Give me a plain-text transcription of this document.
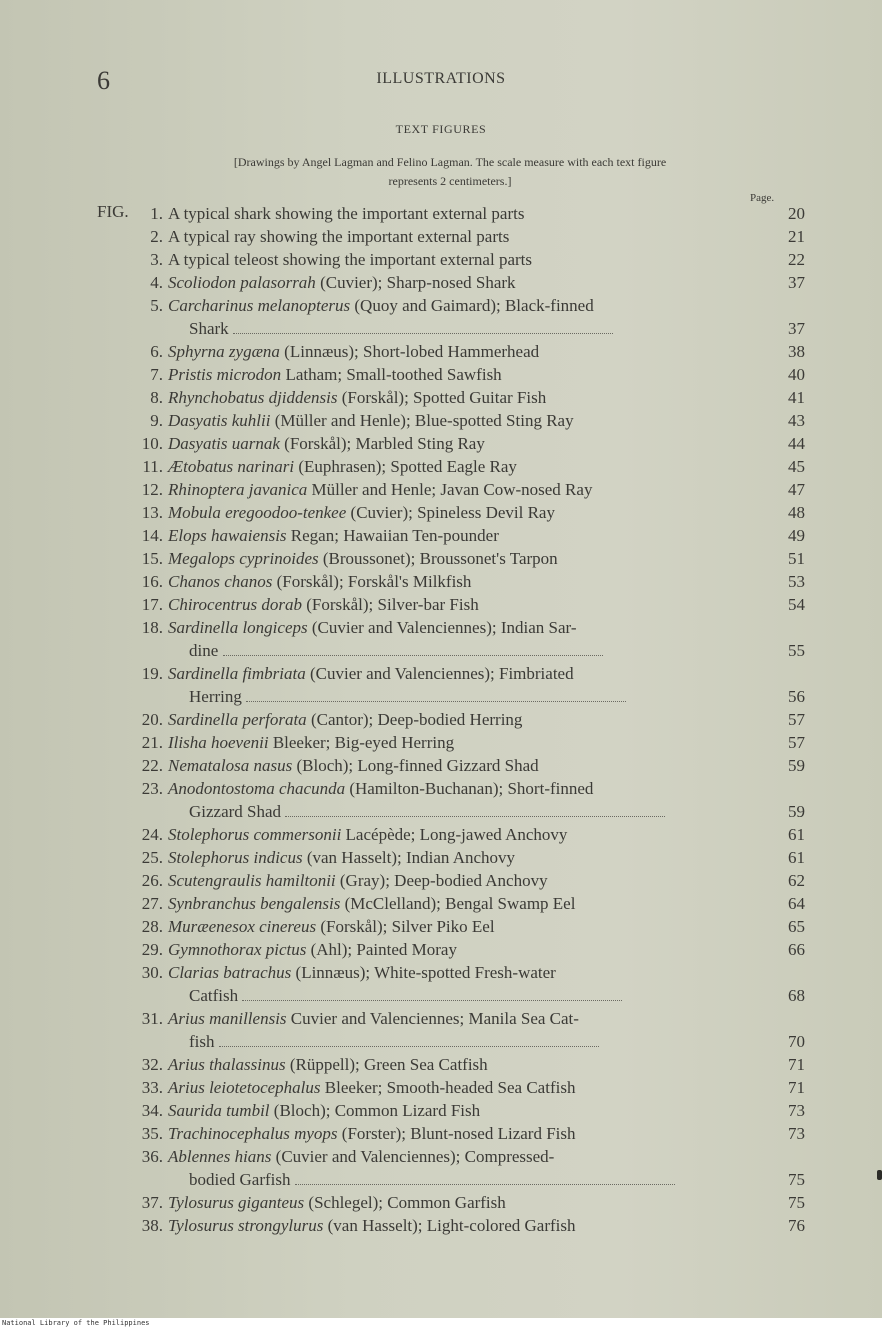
6	ILLUSTRATIONS
TEXT FIGURES
[Drawings by Angel Lagman and Felino Lagman. The scale measure with each text figure
represents 2 centimeters.]
Page.
FIG.	1. A typical shark showing the important external parts	20
2. A typical ray showing the important external parts	21
3. A typical teleost showing the important external parts	22
4. Scoliodon palasorrah (Cuvier); Sharp-nosed Shark	37
5. Carcharinus melanopterus (Quoy and Gaimard); Black-finned
Shark	37
6. Sphyrna zygæna (Linnæus); Short-lobed Hammerhead	38
7. Pristis microdon Latham; Small-toothed Sawfish	40
8. Rhynchobatus djiddensis (Forskål); Spotted Guitar Fish	41
9. Dasyatis kuhlii (Müller and Henle); Blue-spotted Sting Ray	43
10. Dasyatis uarnak (Forskål); Marbled Sting Ray	44
11. Ætobatus narinari (Euphrasen); Spotted Eagle Ray	45
12. Rhinoptera javanica Müller and Henle; Javan Cow-nosed Ray	47
13. Mobula eregoodoo-tenkee (Cuvier); Spineless Devil Ray	48
14. Elops hawaiensis Regan; Hawaiian Ten-pounder	49
15. Megalops cyprinoides (Broussonet); Broussonet's Tarpon	51
16. Chanos chanos (Forskål); Forskål's Milkfish	53
17. Chirocentrus dorab (Forskål); Silver-bar Fish	54
18. Sardinella longiceps (Cuvier and Valenciennes); Indian Sar-
dine	55
19. Sardinella fimbriata (Cuvier and Valenciennes); Fimbriated
Herring	56
20. Sardinella perforata (Cantor); Deep-bodied Herring	57
21. Ilisha hoevenii Bleeker; Big-eyed Herring	57
22. Nematalosa nasus (Bloch); Long-finned Gizzard Shad	59
23. Anodontostoma chacunda (Hamilton-Buchanan); Short-finned
Gizzard Shad	59
24. Stolephorus commersonii Lacépède; Long-jawed Anchovy	61
25. Stolephorus indicus (van Hasselt); Indian Anchovy	61
26. Scutengraulis hamiltonii (Gray); Deep-bodied Anchovy	62
27. Synbranchus bengalensis (McClelland); Bengal Swamp Eel	64
28. Muræenesox cinereus (Forskål); Silver Piko Eel	65
29. Gymnothorax pictus (Ahl); Painted Moray	66
30. Clarias batrachus (Linnæus); White-spotted Fresh-water
Catfish	68
31. Arius manillensis Cuvier and Valenciennes; Manila Sea Cat-
fish	70
32. Arius thalassinus (Rüppell); Green Sea Catfish	71
33. Arius leiotetocephalus Bleeker; Smooth-headed Sea Catfish	71
34. Saurida tumbil (Bloch); Common Lizard Fish	73
35. Trachinocephalus myops (Forster); Blunt-nosed Lizard Fish	73
36. Ablennes hians (Cuvier and Valenciennes); Compressed-
bodied Garfish	75
37. Tylosurus giganteus (Schlegel); Common Garfish	75
38. Tylosurus strongylurus (van Hasselt); Light-colored Garfish	76
National Library of the Philippines
